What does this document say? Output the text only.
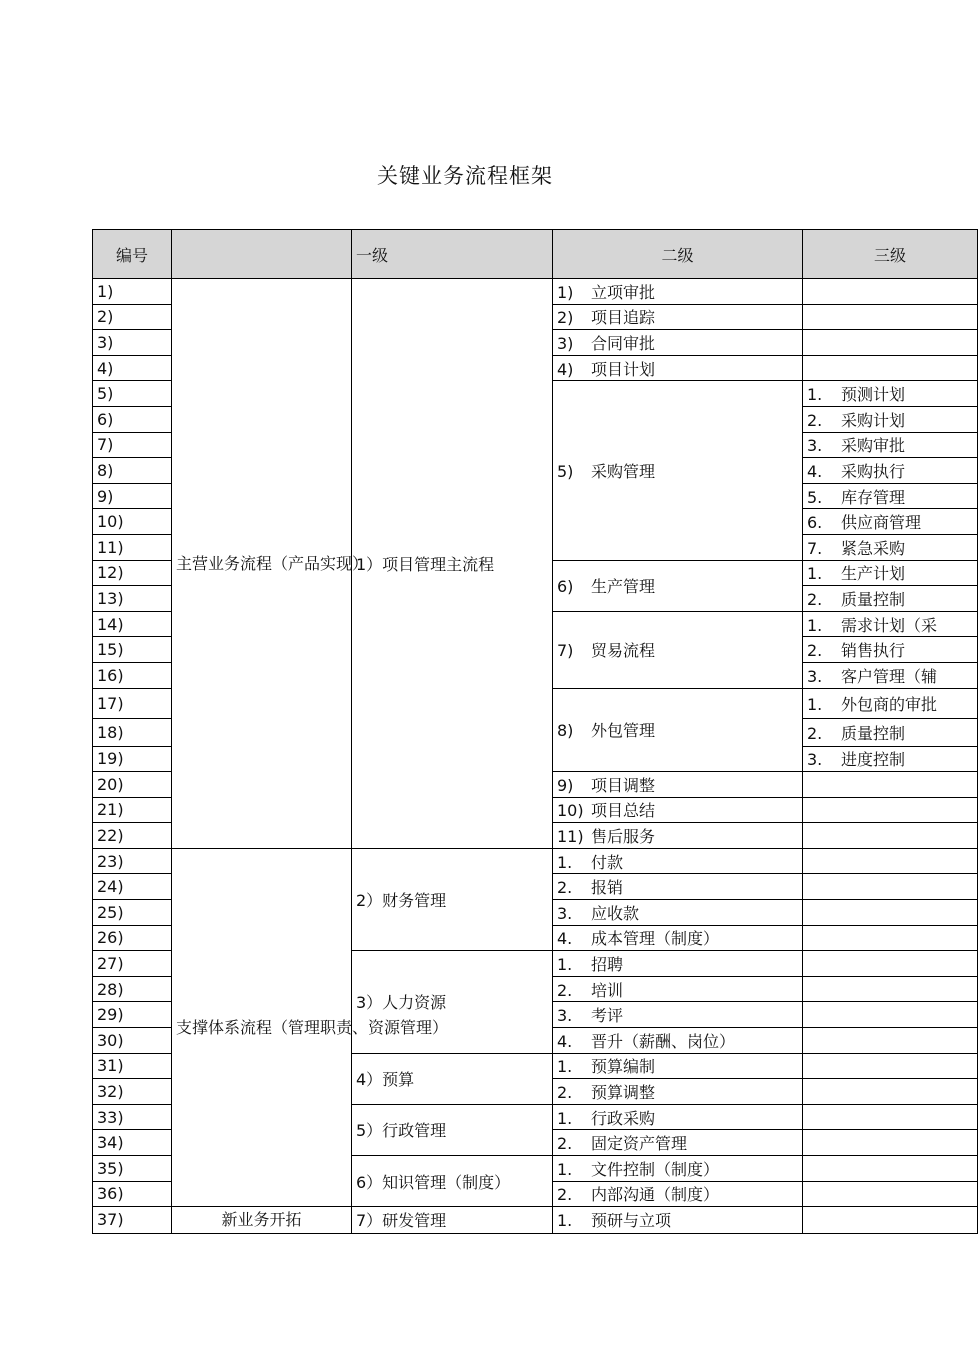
关键业务流程框架
编号		一级	二级	三级
1)	主营业务流程（产品实现）	1）项目管理主流程	1) 立项审批	
2)			2) 项目追踪	
3)			3) 合同审批	
4)			4) 项目计划	
5)			5) 采购管理	1. 预测计划
6)				2. 采购计划
7)				3. 采购审批
8)				4. 采购执行
9)				5. 库存管理
10)				6. 供应商管理
11)				7. 紧急采购
12)			6) 生产管理	1. 生产计划
13)				2. 质量控制
14)			7) 贸易流程	1. 需求计划（采
15)				2. 销售执行
16)				3. 客户管理（辅
17)			8) 外包管理	1. 外包商的审批
18)				2. 质量控制
19)				3. 进度控制
20)			9) 项目调整	
21)			10) 项目总结	
22)			11) 售后服务	
23)	支撑体系流程（管理职责、资源管理）	2）财务管理	1. 付款	
24)			2. 报销	
25)			3. 应收款	
26)			4. 成本管理（制度）	
27)		3）人力资源	1. 招聘	
28)			2. 培训	
29)			3. 考评	
30)			4. 晋升（薪酬、岗位）	
31)		4）预算	1. 预算编制	
32)			2. 预算调整	
33)		5）行政管理	1. 行政采购	
34)			2. 固定资产管理	
35)		6）知识管理（制度）	1. 文件控制（制度）	
36)			2. 内部沟通（制度）	
37)	新业务开拓	7）研发管理	1. 预研与立项	
